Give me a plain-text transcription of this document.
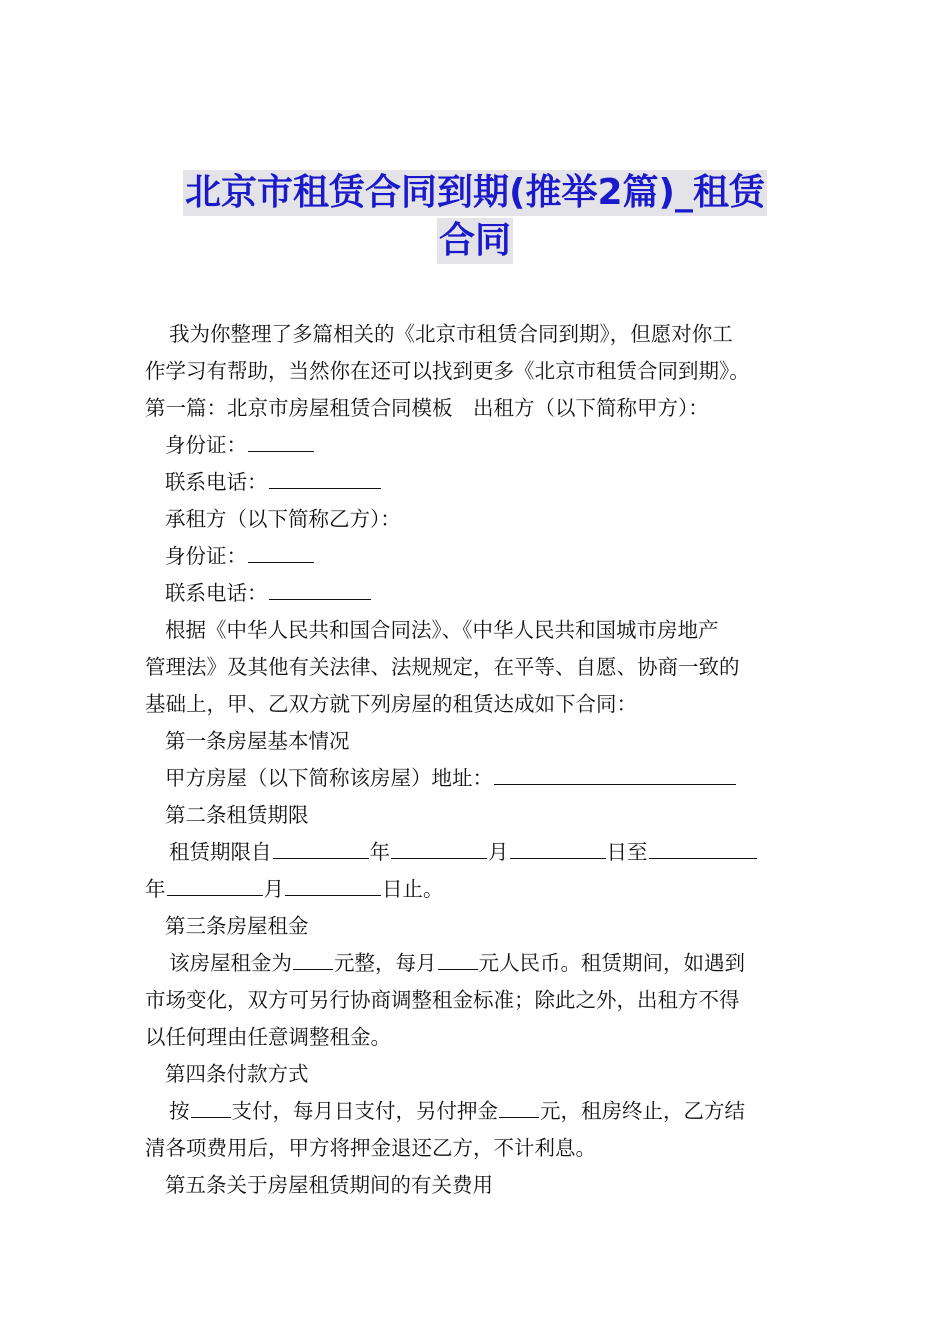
北京市租赁合同到期(推举2篇)_租赁
合同

我为你整理了多篇相关的《北京市租赁合同到期》，但愿对你工

作学习有帮助，当然你在还可以找到更多《北京市租赁合同到期》。

第一篇：北京市房屋租赁合同模板　出租方（以下简称甲方）：

身份证：

联系电话：

承租方（以下简称乙方）：

身份证：

联系电话：

根据《中华人民共和国合同法》、《中华人民共和国城市房地产

管理法》及其他有关法律、法规规定，在平等、自愿、协商一致的

基础上，甲、乙双方就下列房屋的租赁达成如下合同：

第一条房屋基本情况

甲方房屋（以下简称该房屋）地址：

第二条租赁期限

租赁期限自	年	月	日至

年	月	日止。

第三条房屋租金

该房屋租金为 元整，每月 元人民币。租赁期间，如遇到

市场变化，双方可另行协商调整租金标准；除此之外，出租方不得

以任何理由任意调整租金。

第四条付款方式

按 支付，每月日支付，另付押金 元，租房终止，乙方结

清各项费用后，甲方将押金退还乙方，不计利息。

第五条关于房屋租赁期间的有关费用
